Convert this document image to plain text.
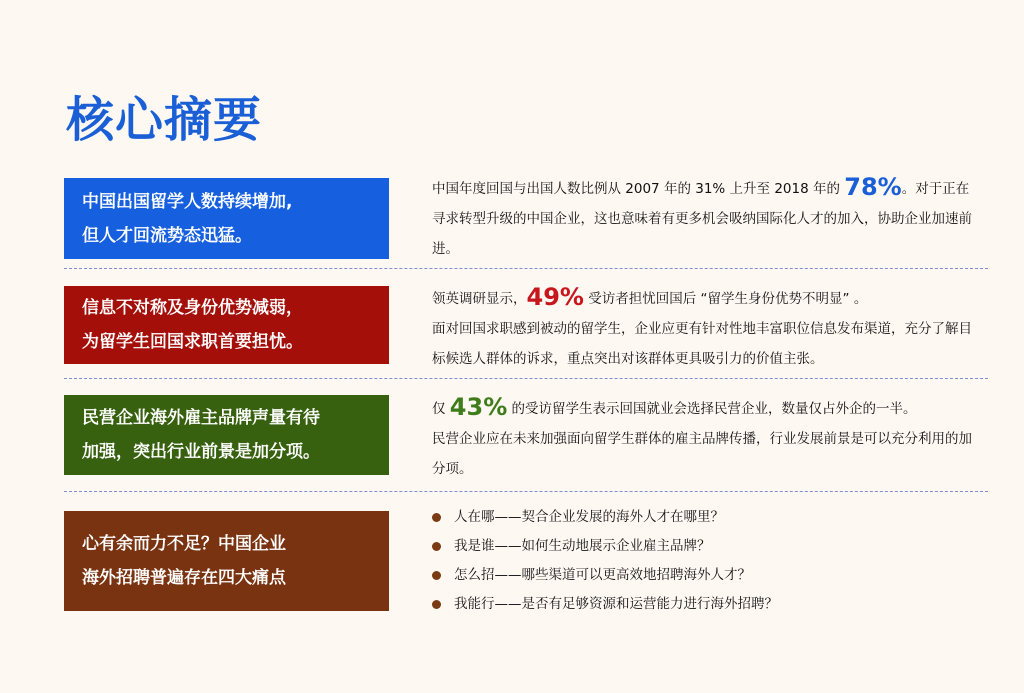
核心摘要
中国出国留学人数持续增加,
但人才回流势态迅猛。
中国年度回国与出国人数比例从 2007 年的 31% 上升至 2018 年的 78%。对于正在寻求转型升级的中国企业，这也意味着有更多机会吸纳国际化人才的加入，协助企业加速前进。
信息不对称及身份优势减弱，
为留学生回国求职首要担忧。
领英调研显示，49% 受访者担忧回国后 “留学生身份优势不明显” 。
面对回国求职感到被动的留学生，企业应更有针对性地丰富职位信息发布渠道，充分了解目标候选人群体的诉求，重点突出对该群体更具吸引力的价值主张。
民营企业海外雇主品牌声量有待
加强，突出行业前景是加分项。
仅 43% 的受访留学生表示回国就业会选择民营企业，数量仅占外企的一半。
民营企业应在未来加强面向留学生群体的雇主品牌传播，行业发展前景是可以充分利用的加分项。
心有余而力不足？中国企业
海外招聘普遍存在四大痛点
人在哪——契合企业发展的海外人才在哪里？
我是谁——如何生动地展示企业雇主品牌？
怎么招——哪些渠道可以更高效地招聘海外人才？
我能行——是否有足够资源和运营能力进行海外招聘？
